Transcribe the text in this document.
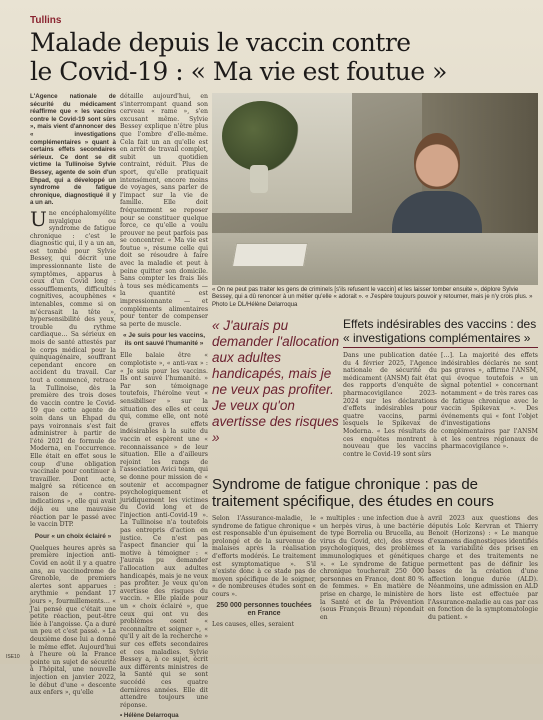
Tullins
Malade depuis le vaccin contre
le Covid-19 : « Ma vie est foutue »

L'Agence nationale de sécurité du médicament réaffirme que « les vaccins contre le Covid-19 sont sûrs », mais vient d'annoncer des « investigations complémentaires » quant à certains effets secondaires sérieux. Ce dont se dit victime la Tullinoise Sylvie Bessey, agente de soin d'un Ehpad, qui a développé un syndrome de fatigue chronique, diagnostiqué il y a un an.

Une encéphalomyélite myalgique ou syndrome de fatigue chronique : c'est le diagnostic qui, il y a un an, est tombé pour Sylvie Bessey, qui décrit une impressionnante liste de symptômes, apparus à ceux d'un Covid long : essoufflements, difficultés cognitives, acouphènes « intenables, comme si on m'écrasait la tête », hypersensibilité des yeux, trouble du rythme cardiaque… Sa sérieux en mois de santé attestés par le corps médical pour la quinquagénaire, souffrant cependant encore en accident du travail. Car tout a commencé, retrace la Tullinoise, dès la première des trois doses de vaccin contre le Covid-19 que cette agente de soin dans un Ehpad du pays voironnais s'est fait administrer à partir de l'été 2021 de formule de Moderna, en l'occurrence. Elle était en effet sous le coup d'une obligation vaccinale pour continuer à travailler. Dont acte, malgré sa réticence en raison de « contre-indications », elle qui avait déjà eu une mauvaise réaction par le passé avec le vaccin DTP.

Pour « un choix éclairé »

Quelques heures après sa première injection anti-Covid en août il y a quatre ans, au vaccinodrome de Grenoble, de premiers alertes sont apparues : arythmie « pendant 17 jours », fourmillements… « J'ai pensé que c'était une petite réaction, peut-être liée à l'angoisse. Ça a duré un peu et c'est passé. » La deuxième dose lui a donné le même effet. Aujourd'hui à l'heure où la France pointe un sujet de sécurité à l'hôpital, une nouvelle injection en janvier 2022, le début d'une « descente aux enfers », qu'elle

détaille aujourd'hui, en s'interrompant quand son cerveau « rame », s'en excusant même. Sylvie Bessey explique n'être plus que l'ombre d'elle-même. Cela fait un an qu'elle est en arrêt de travail complet, subit un quotidien contraint, réduit. Plus de sport, qu'elle pratiquait intensément, encore moins de voyages, sans parler de l'impact sur la vie de famille. Elle doit fréquemment se reposer pour se constituer quelque force, ce qu'elle a voulu prouver ne peut parfois pas se concentrer. « Ma vie est foutue », résume celle qui doit se résoudre à faire avec la maladie et peut à peine quitter son domicile. Sans compter les frais liés à tous ses médicaments — la quantité est impressionnante — et compléments alimentaires pour tenter de compenser sa perte de muscle.

« Je suis pour les vaccins, ils ont sauvé l'humanité »

Elle balaie être « complotiste », « anti-vax » : « Je suis pour les vaccins. Ils ont sauvé l'humanité. » Par son témoignage toutefois, l'héroïne veut « sensibiliser » sur la situation des elles et ceux qui, comme elle, ont noté de graves effets indésirables à la suite du vaccin et espèrent une « reconnaissance » de leur situation. Elle a d'ailleurs rejoint les rangs de l'association Avici team, qui se donne pour mission de « soutenir et accompagner psychologiquement et juridiquement les victimes du Covid long et de l'injection anti-Covid-19 ». La Tullinoise n'a toutefois pas entrepris d'action en justice. Ce n'est pas l'aspect financier qui la motive à témoigner : « J'aurais pu demander l'allocation aux adultes handicapés, mais je ne veux pas profiter. Je veux qu'on avertisse des risques du vaccin. » Elle plaide pour un « choix éclairé », que ceux qui ont vu des problèmes osent « reconnaître et soigner », « qu'il y ait de la recherche » sur ces effets secondaires et ces maladies. Sylvie Bessey a, à ce sujet, écrit aux différents ministres de la Santé qui se sont succédé ces quatre dernières années. Elle dit attendre toujours une réponse.

• Hélène Delarroqua

« On ne peut pas traiter les gens de criminels [s'ils refusent le vaccin] et les laisser tomber ensuite », déplore Sylvie Bessey, qui a dû renoncer à un métier qu'elle « adorait ». « J'espère toujours pouvoir y retourner, mais je n'y crois plus. » Photo Le DL/Hélène Delarroqua
« J'aurais pu demander l'allocation aux adultes handicapés, mais je ne veux pas profiter. Je veux qu'on avertisse des risques »
Effets indésirables des vaccins : des « investigations complémentaires »
Dans une publication datée du 4 février 2025, l'Agence nationale de sécurité du médicament (ANSM) fait état des rapports d'enquête de pharmacovigilance 2023-2024 sur les déclarations d'effets indésirables pour quatre vaccins, parmi lesquels le Spikevax de Moderna. « Les résultats de ces enquêtes montrent à nouveau que les vaccins contre le Covid-19 sont sûrs
[…]. La majorité des effets indésirables déclarés ne sont pas graves », affirme l'ANSM, qui évoque toutefois « un signal potentiel » concernant notamment « de très rares cas de fatigue chronique avec le vaccin Spikevax ». Des événements qui « font l'objet d'investigations complémentaires par l'ANSM et les centres régionaux de pharmacovigilance ».
Syndrome de fatigue chronique : pas de
traitement spécifique, des études en cours

Selon l'Assurance-maladie, le syndrome de fatigue chronique « est responsable d'un épuisement prolongé et de la survenue de malaises après la réalisation d'efforts modérés. Le traitement est symptomatique ». S'il n'existe donc à ce stade pas de moyen spécifique de le soigner, « de nombreuses études sont en cours ».

250 000 personnes touchées en France

Les causes, elles, seraient

« multiples : une infection due à un herpès virus, à une bactérie de type Borrelia ou Brucella, au virus du Covid, etc), des stress psychologiques, des problèmes immunologiques et génétiques ». « Le syndrome de fatigue chronique toucherait 250 000 personnes en France, dont 80 % de femmes. » En matière de prise en charge, le ministère de la Santé et de la Prévention (sous François Braun) répondait en
avril 2023 aux questions des députés Loïc Kervran et Thierry Benoit (Horizons) : « Le manque d'examens diagnostiques identifiés et la variabilité des prises en charge et des traitements ne permettent pas de définir les bases de la création d'une affection longue durée (ALD). Néanmoins, une admission en ALD hors liste est effectuée par l'Assurance-maladie au cas par cas en fonction de la symptomatologie du patient. »
ISE10
